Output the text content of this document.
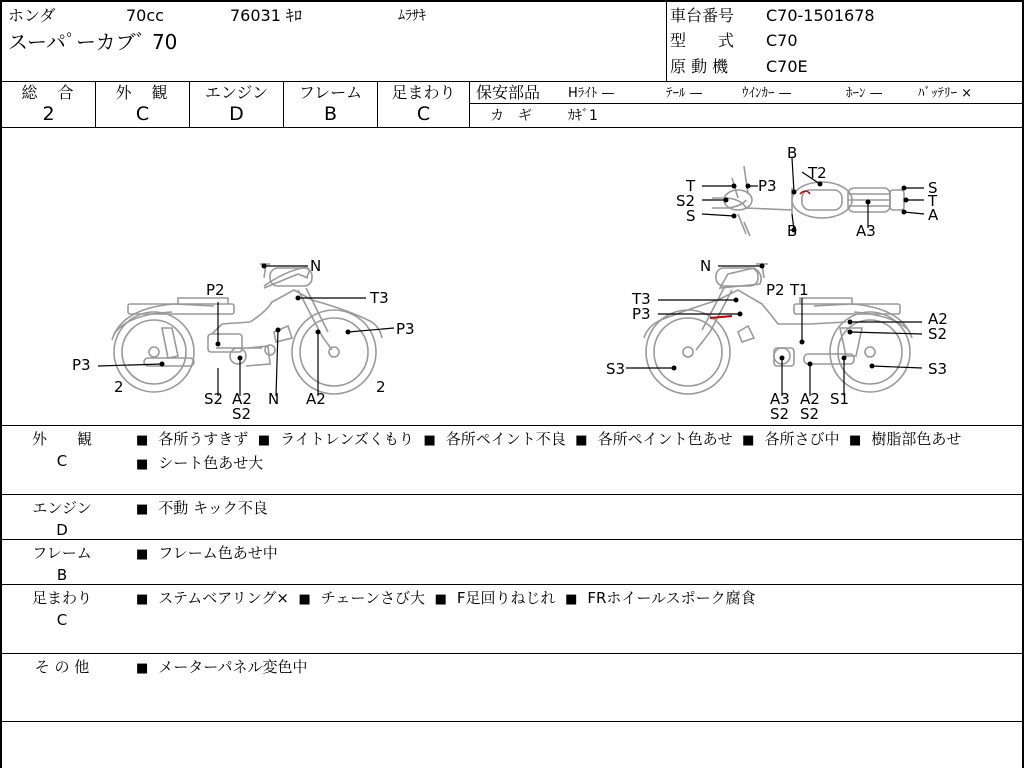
ホンダ	70cc	76031 ｷﾛ	ﾑﾗｻｷ
スーパﾟーカブﾞ 70
車台番号 C70-1501678
型　　式 C70
原 動 機 C70E
総　合
2
外　観
C
エンジン
D
フレーム
B
足まわり
C
保安部品 Hﾗｲﾄ —	ﾃｰﾙ —	ｳｲﾝｶｰ —	ﾎｰﾝ —	ﾊﾞｯﾃﾘｰ ×
カ　ギ	ｶｷﾞ1
B
T2
T	P3
S2
S
S
T
A
B	A3
N
P2	T3
P3
P3
2
S2 A2
S2
N A2
2
N
T3
P3
P2 T1
A2
S2
S3	S3
A3 A2 S1
S2 S2
外　　観
C
■ 各所うすきず ■ ライトレンズくもり ■ 各所ペイント不良 ■ 各所ペイント色あせ ■ 各所さび中 ■ 樹脂部色あせ  ■ シート色あせ大
エンジン
D
■ 不動 キック不良
フレーム
B
■ フレーム色あせ中
足まわり
C
■ ステムベアリング× ■ チェーンさび大 ■ F足回りねじれ ■ FRホイールスポーク腐食
そ の 他	■ メーターパネル変色中
